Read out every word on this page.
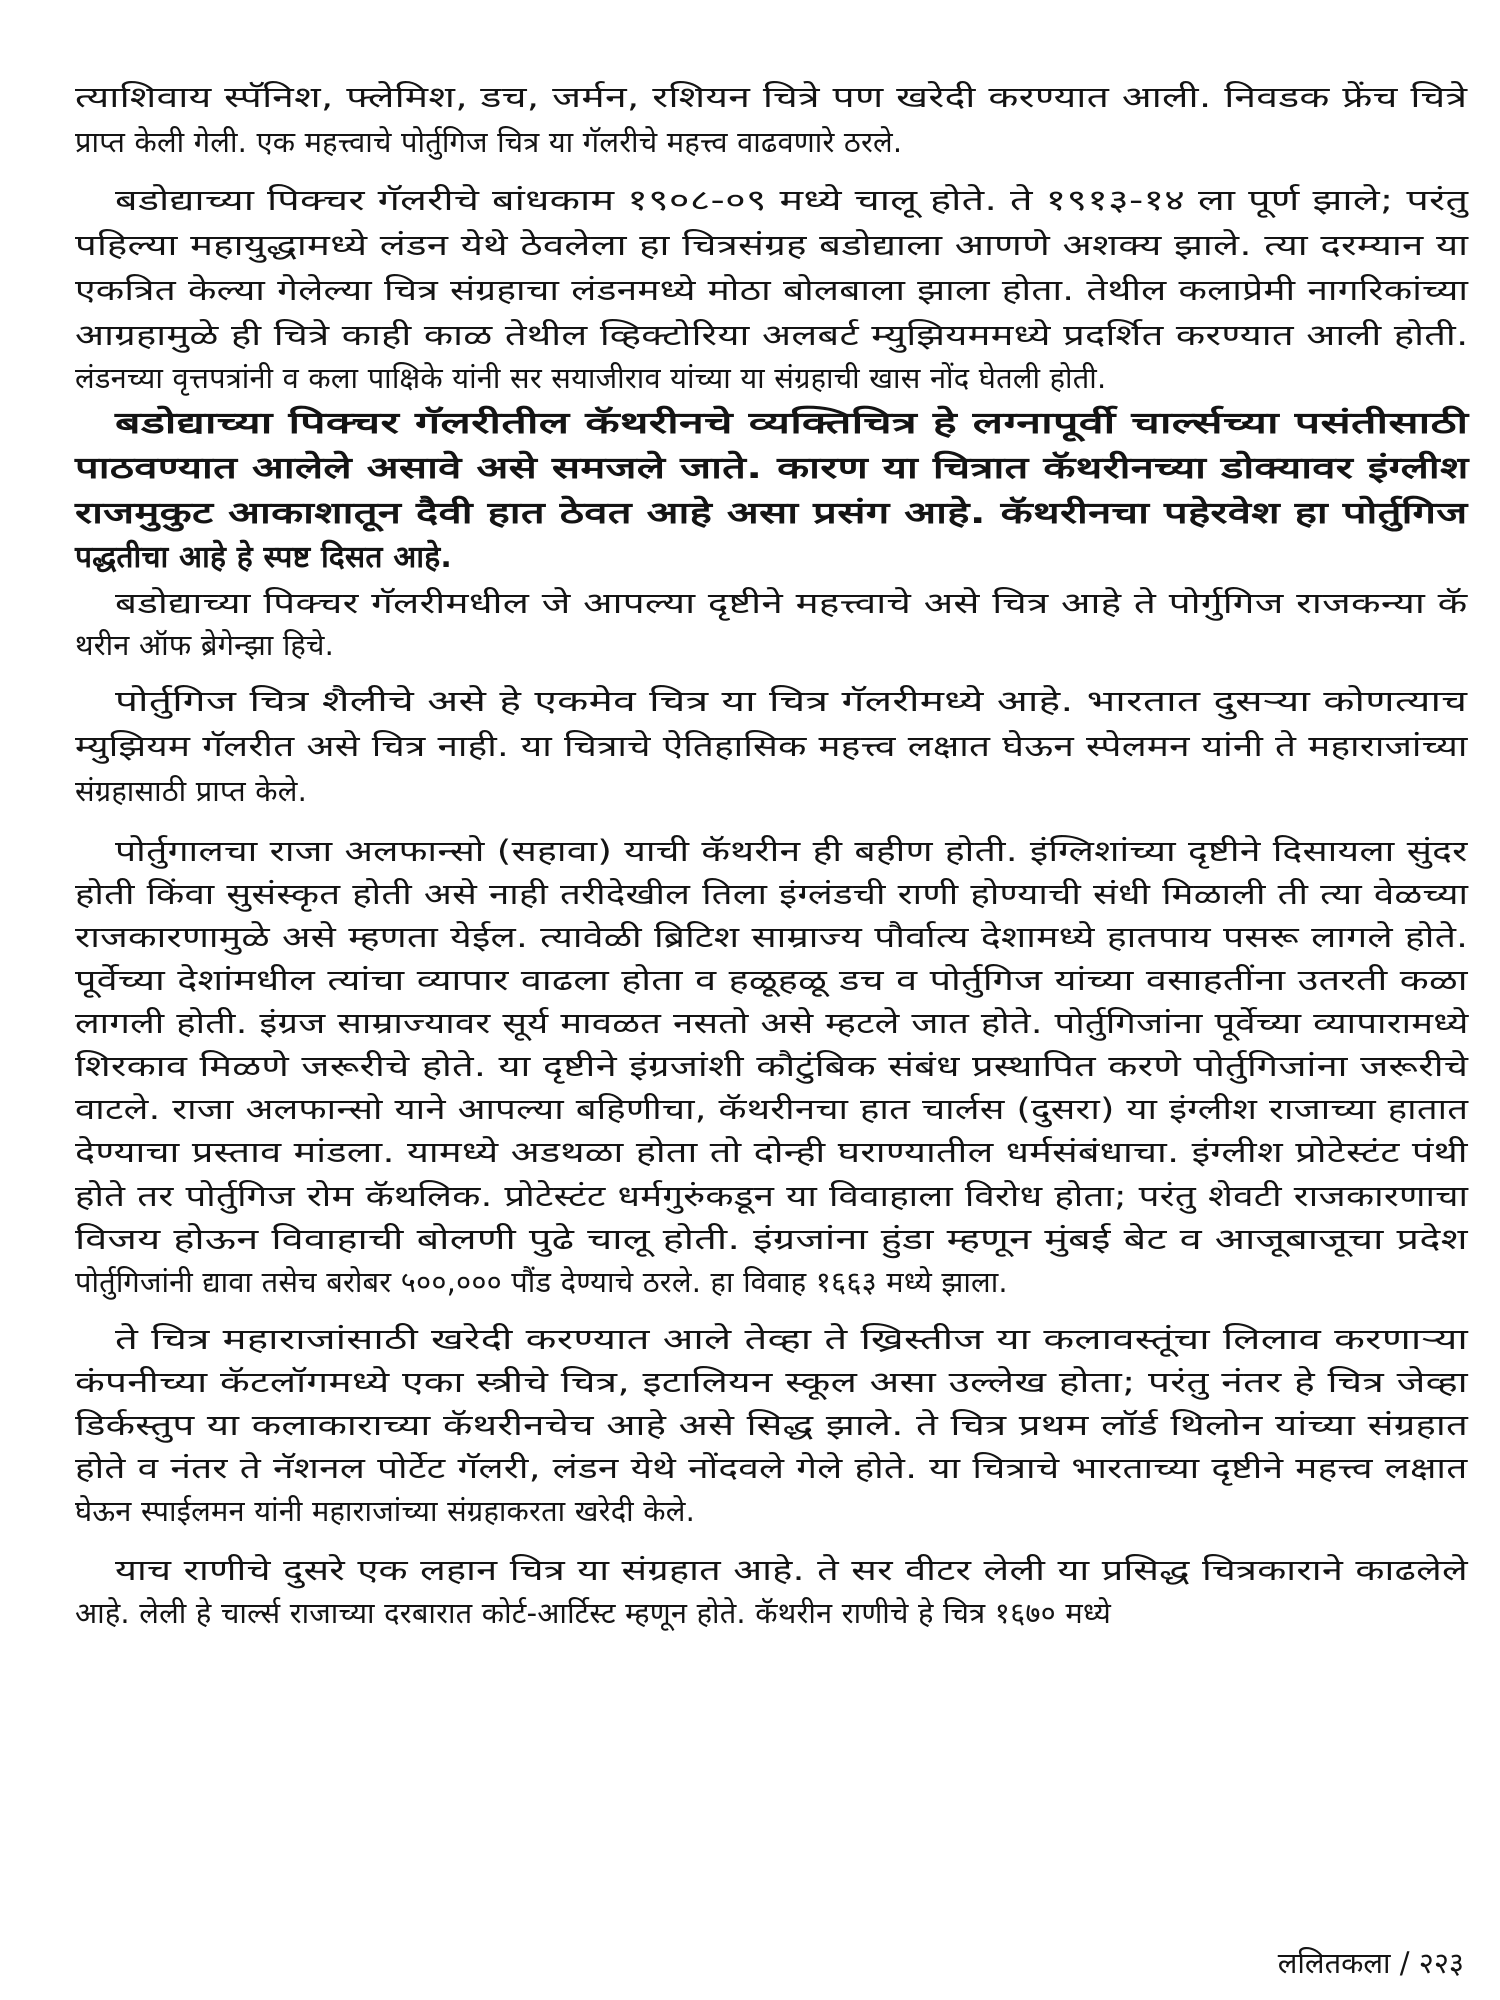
त्याशिवाय स्पॅनिश, फ्लेमिश, डच, जर्मन, रशियन चित्रे पण खरेदी करण्यात आली. निवडक फ्रेंच चित्रे
प्राप्त केली गेली. एक महत्त्वाचे पोर्तुगिज चित्र या गॅलरीचे महत्त्व वाढवणारे ठरले.
बडोद्याच्या पिक्चर गॅलरीचे बांधकाम १९०८-०९ मध्ये चालू होते. ते १९१३-१४ ला पूर्ण झाले; परंतु
पहिल्या महायुद्धामध्ये लंडन येथे ठेवलेला हा चित्रसंग्रह बडोद्याला आणणे अशक्य झाले. त्या दरम्यान या
एकत्रित केल्या गेलेल्या चित्र संग्रहाचा लंडनमध्ये मोठा बोलबाला झाला होता. तेथील कलाप्रेमी नागरिकांच्या
आग्रहामुळे ही चित्रे काही काळ तेथील व्हिक्टोरिया अलबर्ट म्युझियममध्ये प्रदर्शित करण्यात आली होती.
लंडनच्या वृत्तपत्रांनी व कला पाक्षिके यांनी सर सयाजीराव यांच्या या संग्रहाची खास नोंद घेतली होती.
बडोद्याच्या पिक्चर गॅलरीतील कॅथरीनचे व्यक्तिचित्र हे लग्नापूर्वी चार्ल्सच्या पसंतीसाठी
पाठवण्यात आलेले असावे असे समजले जाते. कारण या चित्रात कॅथरीनच्या डोक्यावर इंग्लीश
राजमुकुट आकाशातून दैवी हात ठेवत आहे असा प्रसंग आहे. कॅथरीनचा पहेरवेश हा पोर्तुगिज
पद्धतीचा आहे हे स्पष्ट दिसत आहे.
बडोद्याच्या पिक्चर गॅलरीमधील जे आपल्या दृष्टीने महत्त्वाचे असे चित्र आहे ते पोर्गुगिज राजकन्या कॅ
थरीन ऑफ ब्रेगेन्झा हिचे.
पोर्तुगिज चित्र शैलीचे असे हे एकमेव चित्र या चित्र गॅलरीमध्ये आहे. भारतात दुसऱ्या कोणत्याच
म्युझियम गॅलरीत असे चित्र नाही. या चित्राचे ऐतिहासिक महत्त्व लक्षात घेऊन स्पेलमन यांनी ते महाराजांच्या
संग्रहासाठी प्राप्त केले.
पोर्तुगालचा राजा अलफान्सो (सहावा) याची कॅथरीन ही बहीण होती. इंग्लिशांच्या दृष्टीने दिसायला सुंदर
होती किंवा सुसंस्कृत होती असे नाही तरीदेखील तिला इंग्लंडची राणी होण्याची संधी मिळाली ती त्या वेळच्या
राजकारणामुळे असे म्हणता येईल. त्यावेळी ब्रिटिश साम्राज्य पौर्वात्य देशामध्ये हातपाय पसरू लागले होते.
पूर्वेच्या देशांमधील त्यांचा व्यापार वाढला होता व हळूहळू डच व पोर्तुगिज यांच्या वसाहतींना उतरती कळा
लागली होती. इंग्रज साम्राज्यावर सूर्य मावळत नसतो असे म्हटले जात होते. पोर्तुगिजांना पूर्वेच्या व्यापारामध्ये
शिरकाव मिळणे जरूरीचे होते. या दृष्टीने इंग्रजांशी कौटुंबिक संबंध प्रस्थापित करणे पोर्तुगिजांना जरूरीचे
वाटले. राजा अलफान्सो याने आपल्या बहिणीचा, कॅथरीनचा हात चार्लस (दुसरा) या इंग्लीश राजाच्या हातात
देण्याचा प्रस्ताव मांडला. यामध्ये अडथळा होता तो दोन्ही घराण्यातील धर्मसंबंधाचा. इंग्लीश प्रोटेस्टंट पंथी
होते तर पोर्तुगिज रोम कॅथलिक. प्रोटेस्टंट धर्मगुरुंकडून या विवाहाला विरोध होता; परंतु शेवटी राजकारणाचा
विजय होऊन विवाहाची बोलणी पुढे चालू होती. इंग्रजांना हुंडा म्हणून मुंबई बेट व आजूबाजूचा प्रदेश
पोर्तुगिजांनी द्यावा तसेच बरोबर ५००,००० पौंड देण्याचे ठरले. हा विवाह १६६३ मध्ये झाला.
ते चित्र महाराजांसाठी खरेदी करण्यात आले तेव्हा ते ख्रिस्तीज या कलावस्तूंचा लिलाव करणाऱ्या
कंपनीच्या कॅटलॉगमध्ये एका स्त्रीचे चित्र, इटालियन स्कूल असा उल्लेख होता; परंतु नंतर हे चित्र जेव्हा
डिर्कस्तुप या कलाकाराच्या कॅथरीनचेच आहे असे सिद्ध झाले. ते चित्र प्रथम लॉर्ड थिलोन यांच्या संग्रहात
होते व नंतर ते नॅशनल पोर्टेट गॅलरी, लंडन येथे नोंदवले गेले होते. या चित्राचे भारताच्या दृष्टीने महत्त्व लक्षात
घेऊन स्पाईलमन यांनी महाराजांच्या संग्रहाकरता खरेदी केले.
याच राणीचे दुसरे एक लहान चित्र या संग्रहात आहे. ते सर वीटर लेली या प्रसिद्ध चित्रकाराने काढलेले
आहे. लेली हे चार्ल्स राजाच्या दरबारात कोर्ट-आर्टिस्ट म्हणून होते. कॅथरीन राणीचे हे चित्र १६७० मध्ये
ललितकला / २२३
